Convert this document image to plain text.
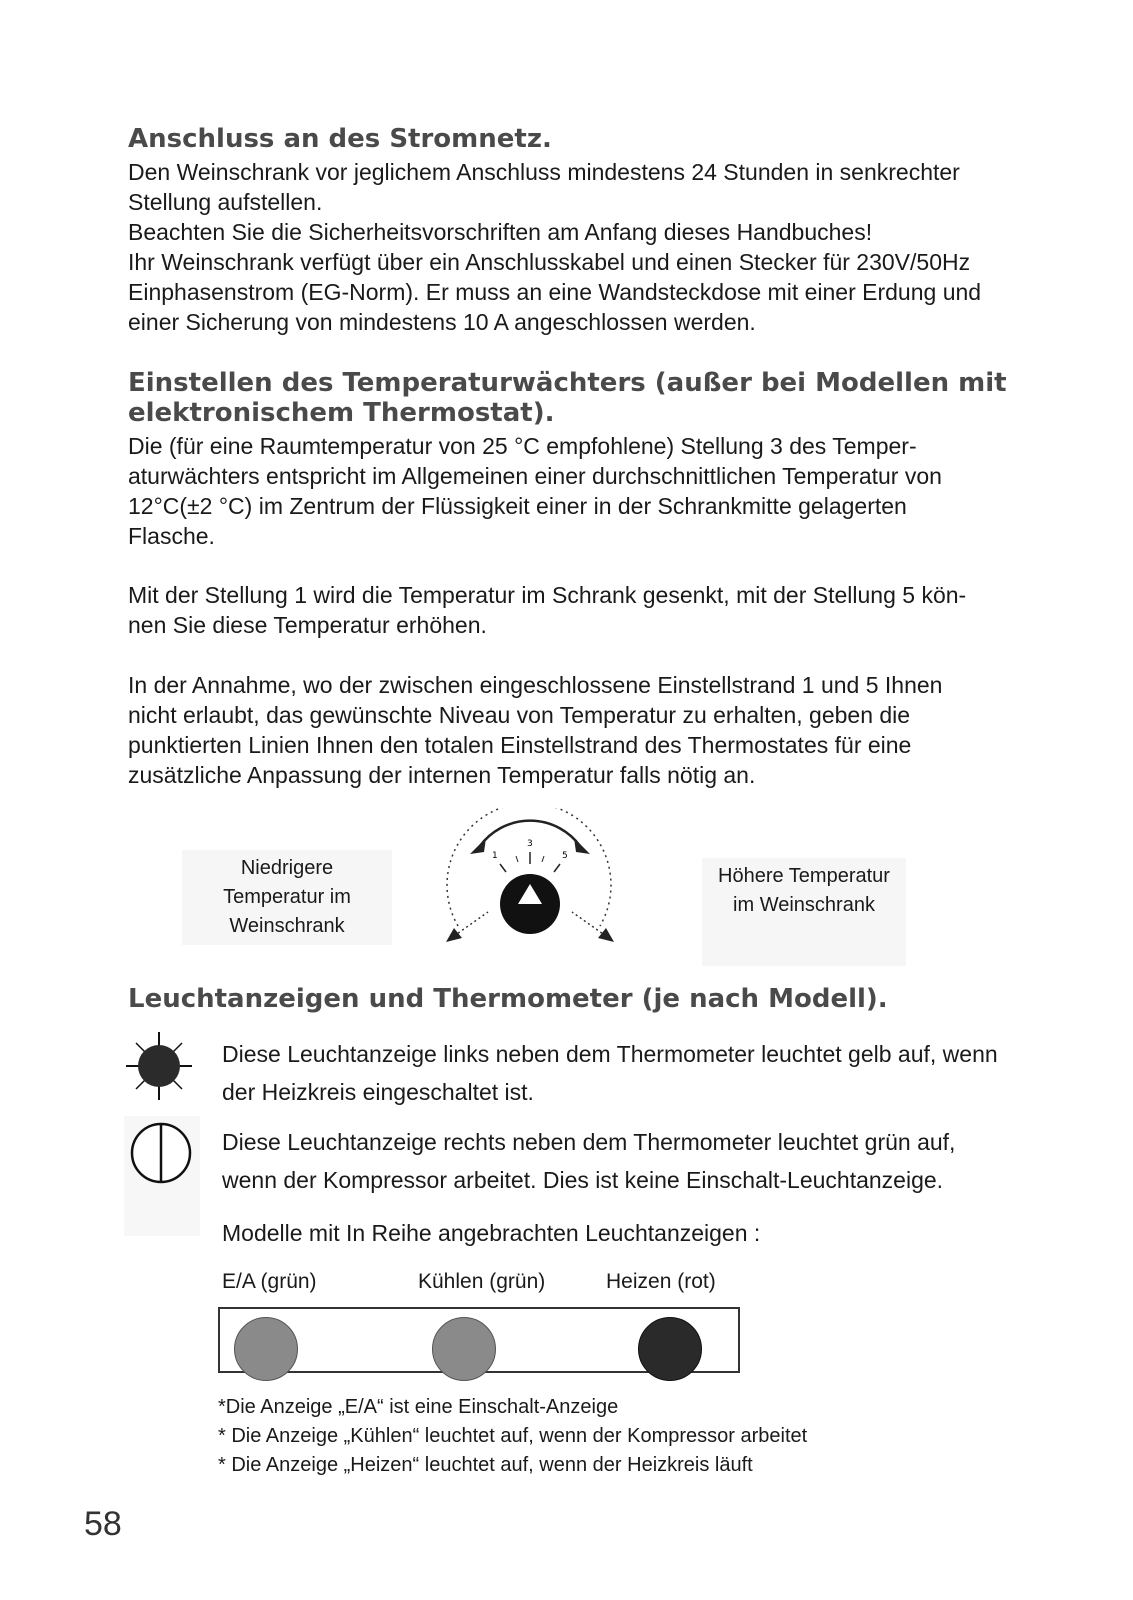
Anschluss an des Stromnetz.
Den Weinschrank vor jeglichem Anschluss mindestens 24 Stunden in senkrechter
Stellung aufstellen.
Beachten Sie die Sicherheitsvorschriften am Anfang dieses Handbuches!
Ihr Weinschrank verfügt über ein Anschlusskabel und einen Stecker für 230V/50Hz
Einphasenstrom (EG-Norm). Er muss an eine Wandsteckdose mit einer Erdung und
einer Sicherung von mindestens 10 A angeschlossen werden.
Einstellen des Temperaturwächters (außer bei Modellen mit
elektronischem Thermostat).
Die (für eine Raumtemperatur von 25 °C empfohlene) Stellung 3 des Temper-
aturwächters entspricht im Allgemeinen einer durchschnittlichen Temperatur von
12°C(±2 °C) im Zentrum der Flüssigkeit einer in der Schrankmitte gelagerten
Flasche.
Mit der Stellung 1 wird die Temperatur im Schrank gesenkt, mit der Stellung 5 kön-
nen Sie diese Temperatur erhöhen.
In der Annahme, wo der zwischen eingeschlossene Einstellstrand 1 und 5 Ihnen
nicht erlaubt, das gewünschte Niveau von Temperatur zu erhalten, geben die
punktierten Linien Ihnen den totalen Einstellstrand des Thermostates für eine
zusätzliche Anpassung der internen Temperatur falls nötig an.
Niedrigere
Temperatur im
Weinschrank
1
3
5
Höhere Temperatur
im Weinschrank
Leuchtanzeigen und Thermometer (je nach Modell).
Diese Leuchtanzeige links neben dem Thermometer leuchtet gelb auf, wenn
der Heizkreis eingeschaltet ist.
Diese Leuchtanzeige rechts neben dem Thermometer leuchtet grün auf,
wenn der Kompressor arbeitet. Dies ist keine Einschalt-Leuchtanzeige.
Modelle mit In Reihe angebrachten Leuchtanzeigen :
E/A (grün)	Kühlen (grün)	Heizen (rot)
*Die Anzeige „E/A“ ist eine Einschalt-Anzeige
* Die Anzeige „Kühlen“ leuchtet auf, wenn der Kompressor arbeitet
* Die Anzeige „Heizen“ leuchtet auf, wenn der Heizkreis läuft
58
